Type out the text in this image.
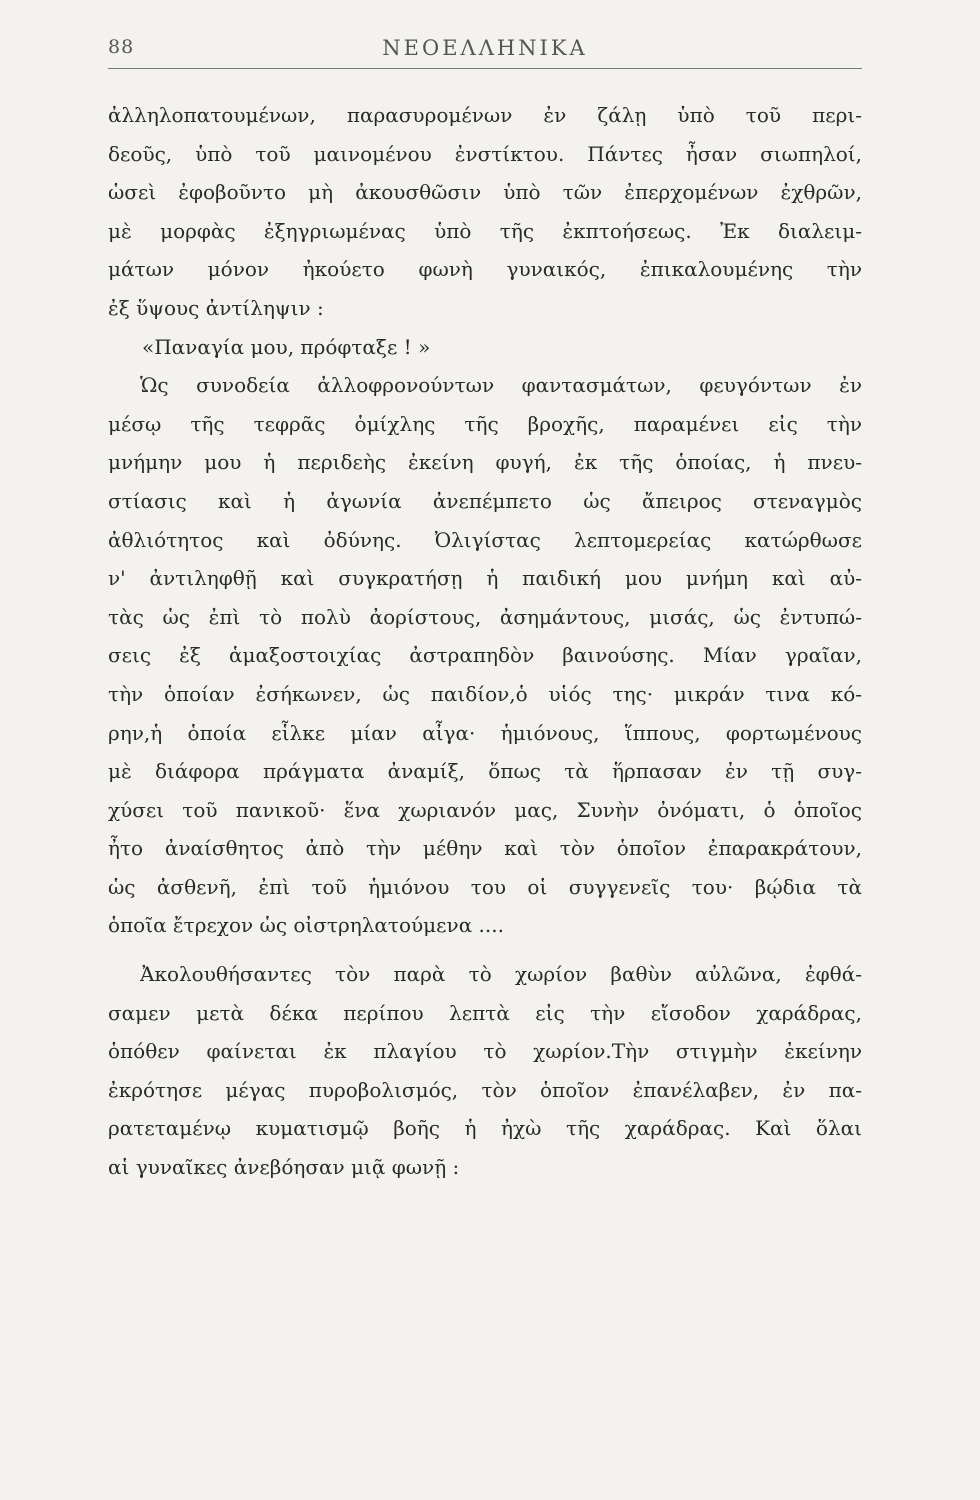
88	ΝΕΟΕΛΛΗΝΙΚΑ
ἀλληλοπατουμένων, παρασυρομένων ἐν ζάλῃ ὑπὸ τοῦ περι-
δεοῦς, ὑπὸ τοῦ μαινομένου ἐνστίκτου. Πάντες ἦσαν σιωπηλοί,
ὡσεὶ ἐφοβοῦντο μὴ ἀκουσθῶσιν ὑπὸ τῶν ἐπερχομένων ἐχθρῶν,
μὲ μορφὰς ἐξηγριωμένας ὑπὸ τῆς ἐκπτοήσεως. Ἐκ διαλειμ-
μάτων μόνον ἠκούετο φωνὴ γυναικός, ἐπικαλουμένης τὴν
ἐξ ὕψους ἀντίληψιν :
«Παναγία μου, πρόφταξε ! »
Ὡς συνοδεία ἀλλοφρονούντων φαντασμάτων, φευγόντων ἐν
μέσῳ τῆς τεφρᾶς ὁμίχλης τῆς βροχῆς, παραμένει εἰς τὴν
μνήμην μου ἡ περιδεὴς ἐκείνη φυγή, ἐκ τῆς ὁποίας, ἡ πνευ-
στίασις καὶ ἡ ἀγωνία ἀνεπέμπετο ὡς ἄπειρος στεναγμὸς
ἀθλιότητος καὶ ὀδύνης. Ὀλιγίστας λεπτομερείας κατώρθωσε
ν' ἀντιληφθῇ καὶ συγκρατήσῃ ἡ παιδική μου μνήμη καὶ αὐ-
τὰς ὡς ἐπὶ τὸ πολὺ ἀορίστους, ἀσημάντους, μισάς, ὡς ἐντυπώ-
σεις ἐξ ἁμαξοστοιχίας ἀστραπηδὸν βαινούσης. Μίαν γραῖαν,
τὴν ὁποίαν ἐσήκωνεν, ὡς παιδίον,ὁ υἱός της· μικράν τινα κό-
ρην,ἡ ὁποία εἷλκε μίαν αἶγα· ἡμιόνους, ἵππους, φορτωμένους
μὲ διάφορα πράγματα ἀναμίξ, ὅπως τὰ ἥρπασαν ἐν τῇ συγ-
χύσει τοῦ πανικοῦ· ἕνα χωριανόν μας, Συνὴν ὀνόματι, ὁ ὁποῖος
ἦτο ἀναίσθητος ἀπὸ τὴν μέθην καὶ τὸν ὁποῖον ἐπαρακράτουν,
ὡς ἀσθενῆ, ἐπὶ τοῦ ἡμιόνου του οἱ συγγενεῖς του· βῴδια τὰ
ὁποῖα ἔτρεχον ὡς οἰστρηλατούμενα ....
Ἀκολουθήσαντες τὸν παρὰ τὸ χωρίον βαθὺν αὐλῶνα, ἐφθά-
σαμεν μετὰ δέκα περίπου λεπτὰ εἰς τὴν εἴσοδον χαράδρας,
ὁπόθεν φαίνεται ἐκ πλαγίου τὸ χωρίον.Τὴν στιγμὴν ἐκείνην
ἐκρότησε μέγας πυροβολισμός, τὸν ὁποῖον ἐπανέλαβεν, ἐν πα-
ρατεταμένῳ κυματισμῷ βοῆς ἡ ἠχὼ τῆς χαράδρας. Καὶ ὅλαι
αἱ γυναῖκες ἀνεβόησαν μιᾷ φωνῇ :
